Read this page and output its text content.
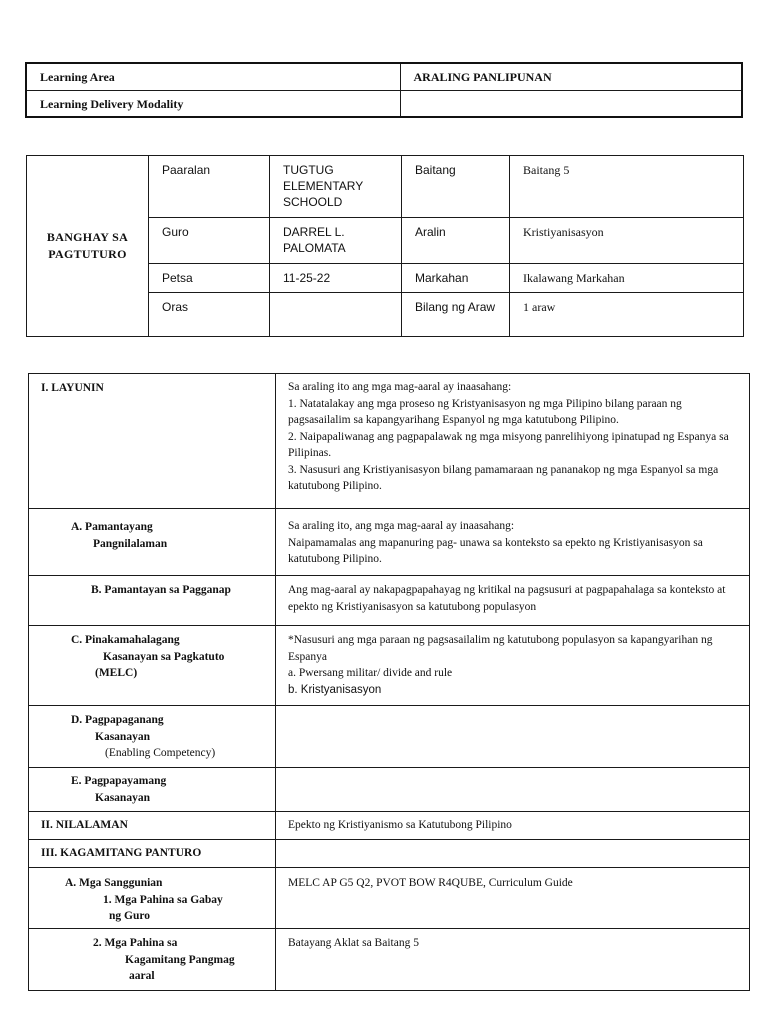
Learning Area	ARALING PANLIPUNAN
Learning Delivery Modality	
BANGHAY SA
PAGTUTURO	Paaralan	TUGTUG ELEMENTARY SCHOOLD	Baitang	Baitang 5
	Guro	DARREL L. PALOMATA	Aralin	Kristiyanisasyon
	Petsa	11-25-22	Markahan	Ikalawang Markahan
	Oras		Bilang ng Araw	1 araw
I. LAYUNIN	Sa araling ito ang mga mag-aaral ay inaasahang:
1. Natatalakay ang mga proseso ng Kristyanisasyon ng mga Pilipino bilang paraan ng pagsasailalim sa kapangyarihang Espanyol ng mga katutubong Pilipino.
2. Naipapaliwanag ang pagpapalawak ng mga misyong panrelihiyong ipinatupad ng Espanya sa Pilipinas.
3. Nasusuri ang Kristiyanisasyon bilang pamamaraan ng pananakop ng mga Espanyol sa mga katutubong Pilipino.

A. Pamantayang
Pangnilalaman	Sa araling ito, ang mga mag-aaral ay inaasahang:
Naipamamalas ang mapanuring pag- unawa sa konteksto sa epekto ng Kristiyanisasyon sa katutubong Pilipino.

B. Pamantayan sa Pagganap	Ang mag-aaral ay nakapagpapahayag ng kritikal na pagsusuri at pagpapahalaga sa konteksto at epekto ng Kristiyanisasyon sa katutubong populasyon

C. Pinakamahalagang
Kasanayan sa Pagkatuto
(MELC)	*Nasusuri ang mga paraan ng pagsasailalim ng katutubong populasyon sa kapangyarihan ng Espanya
a. Pwersang militar/ divide and rule
b. Kristyanisasyon

D. Pagpapaganang
Kasanayan
(Enabling Competency)	

E. Pagpapayamang
Kasanayan	

II. NILALAMAN	Epekto ng Kristiyanismo sa Katutubong Pilipino
III. KAGAMITANG PANTURO	

A. Mga Sanggunian
1. Mga Pahina sa Gabay
ng Guro	MELC AP G5 Q2, PVOT BOW R4QUBE, Curriculum Guide

2. Mga Pahina sa
Kagamitang Pangmag
aaral	Batayang Aklat sa Baitang 5
